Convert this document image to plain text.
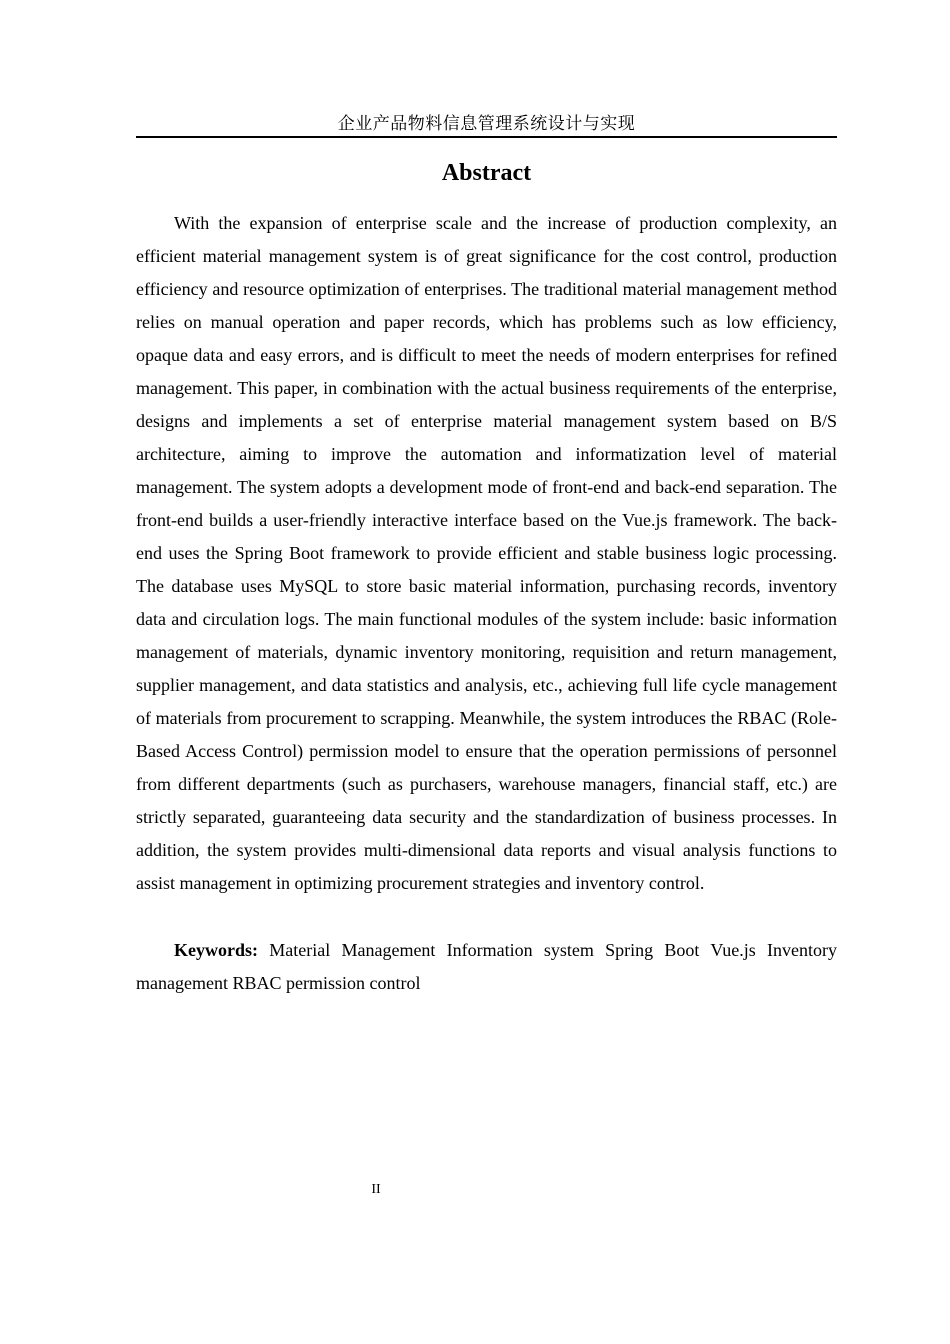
企业产品物料信息管理系统设计与实现
Abstract

With the expansion of enterprise scale and the increase of production complexity, an efficient material management system is of great significance for the cost control, production efficiency and resource optimization of enterprises. The traditional material management method relies on manual operation and paper records, which has problems such as low efficiency, opaque data and easy errors, and is difficult to meet the needs of modern enterprises for refined management. This paper, in combination with the actual business requirements of the enterprise, designs and implements a set of enterprise material management system based on B/S architecture, aiming to improve the automation and informatization level of material management. The system adopts a development mode of front-end and back-end separation. The front-end builds a user-friendly interactive interface based on the Vue.js framework. The back-end uses the Spring Boot framework to provide efficient and stable business logic processing. The database uses MySQL to store basic material information, purchasing records, inventory data and circulation logs. The main functional modules of the system include: basic information management of materials, dynamic inventory monitoring, requisition and return management, supplier management, and data statistics and analysis, etc., achieving full life cycle management of materials from procurement to scrapping. Meanwhile, the system introduces the RBAC (Role-Based Access Control) permission model to ensure that the operation permissions of personnel from different departments (such as purchasers, warehouse managers, financial staff, etc.) are strictly separated, guaranteeing data security and the standardization of business processes. In addition, the system provides multi-dimensional data reports and visual analysis functions to assist management in optimizing procurement strategies and inventory control.

Keywords: Material Management Information system Spring Boot Vue.js Inventory management RBAC permission control

II
